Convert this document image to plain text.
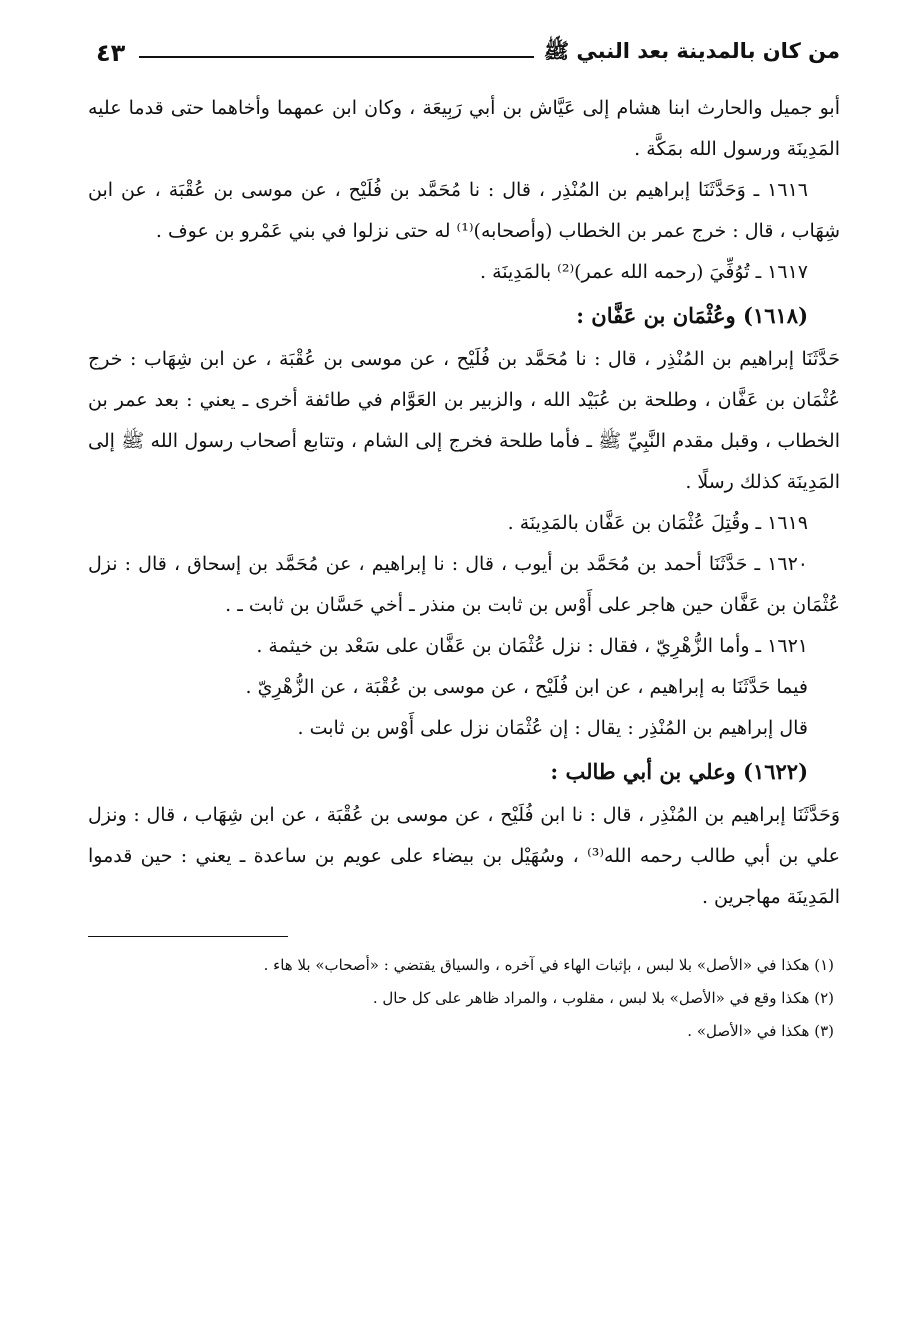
من كان بالمدينة بعد النبي ﷺ
٤٣

أبو جميل والحارث ابنا هشام إلى عَيَّاش بن أبي رَبِيعَة ، وكان ابن عمهما وأخاهما حتى قدما عليه المَدِينَة ورسول الله بمَكَّة .

١٦١٦ ـ وَحَدَّثَنَا إبراهيم بن المُنْذِر ، قال : نا مُحَمَّد بن فُلَيْح ، عن موسى بن عُقْبَة ، عن ابن شِهَاب ، قال : خرج عمر بن الخطاب (وأصحابه)⁽¹⁾ له حتى نزلوا في بني عَمْرو بن عوف .

١٦١٧ ـ تُوُفِّيَ (رحمه الله عمر)⁽²⁾ بالمَدِينَة .

(١٦١٨) وعُثْمَان بن عَفَّان :

حَدَّثَنَا إبراهيم بن المُنْذِر ، قال : نا مُحَمَّد بن فُلَيْح ، عن موسى بن عُقْبَة ، عن ابن شِهَاب : خرج عُثْمَان بن عَفَّان ، وطلحة بن عُبَيْد الله ، والزبير بن العَوَّام في طائفة أخرى ـ يعني : بعد عمر بن الخطاب ، وقبل مقدم النَّبِيِّ ﷺ ـ فأما طلحة فخرج إلى الشام ، وتتابع أصحاب رسول الله ﷺ إلى المَدِينَة كذلك رسلًا .

١٦١٩ ـ وقُتِلَ عُثْمَان بن عَفَّان بالمَدِينَة .

١٦٢٠ ـ حَدَّثَنَا أحمد بن مُحَمَّد بن أيوب ، قال : نا إبراهيم ، عن مُحَمَّد بن إسحاق ، قال : نزل عُثْمَان بن عَفَّان حين هاجر على أَوْس بن ثابت بن منذر ـ أخي حَسَّان بن ثابت ـ .

١٦٢١ ـ وأما الزُّهْرِيّ ، فقال : نزل عُثْمَان بن عَفَّان على سَعْد بن خيثمة .

فيما حَدَّثَنَا به إبراهيم ، عن ابن فُلَيْح ، عن موسى بن عُقْبَة ، عن الزُّهْرِيّ .

قال إبراهيم بن المُنْذِر : يقال : إن عُثْمَان نزل على أَوْس بن ثابت .

(١٦٢٢) وعلي بن أبي طالب :

وَحَدَّثَنَا إبراهيم بن المُنْذِر ، قال : نا ابن فُلَيْح ، عن موسى بن عُقْبَة ، عن ابن شِهَاب ، قال : ونزل علي بن أبي طالب رحمه الله⁽³⁾ ، وسُهَيْل بن بيضاء على عويم بن ساعدة ـ يعني : حين قدموا المَدِينَة مهاجرين .

(١) هكذا في «الأصل» بلا لبس ، بإثبات الهاء في آخره ، والسياق يقتضي : «أصحاب» بلا هاء .

(٢) هكذا وقع في «الأصل» بلا لبس ، مقلوب ، والمراد ظاهر على كل حال .

(٣) هكذا في «الأصل» .
